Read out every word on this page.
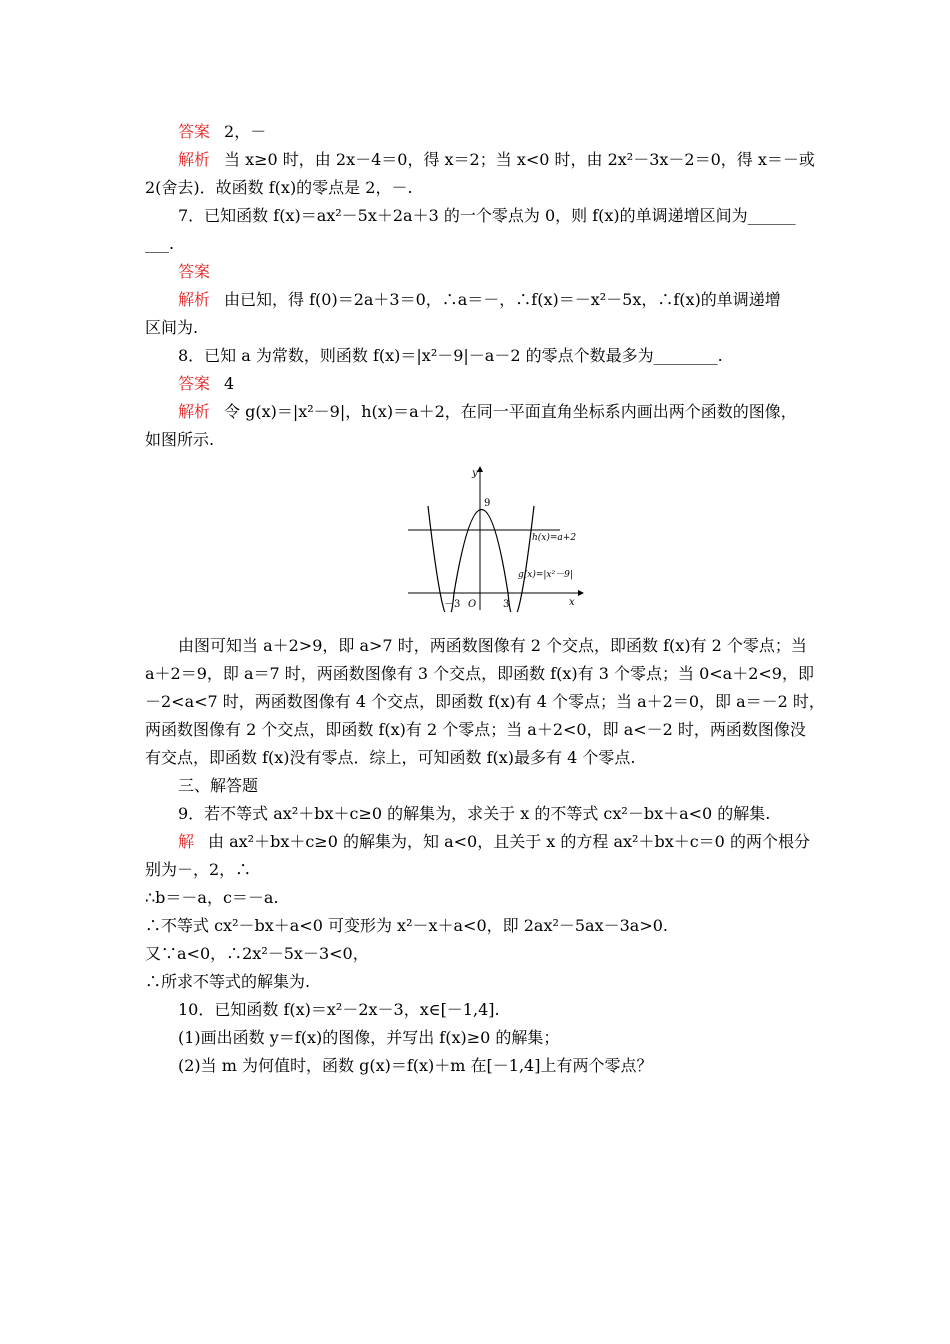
答案 2，－
解析 当 x≥0 时，由 2x－4＝0，得 x＝2；当 x<0 时，由 2x²－3x－2＝0，得 x＝－或
2(舍去)．故函数 f(x)的零点是 2，－.
7．已知函数 f(x)＝ax²－5x＋2a＋3 的一个零点为 0，则 f(x)的单调递增区间为______
___.
答案
解析 由已知，得 f(0)＝2a＋3＝0，∴a＝－，∴f(x)＝－x²－5x，∴f(x)的单调递增
区间为.
8．已知 a 为常数，则函数 f(x)＝|x²－9|－a－2 的零点个数最多为________.
答案 4
解析 令 g(x)＝|x²－9|，h(x)＝a＋2，在同一平面直角坐标系内画出两个函数的图像，
如图所示.
y
x
O
9
－3	3
h(x)=a+2
g(x)=|x²－9|
由图可知当 a＋2>9，即 a>7 时，两函数图像有 2 个交点，即函数 f(x)有 2 个零点；当
a＋2＝9，即 a＝7 时，两函数图像有 3 个交点，即函数 f(x)有 3 个零点；当 0<a＋2<9，即
－2<a<7 时，两函数图像有 4 个交点，即函数 f(x)有 4 个零点；当 a＋2＝0，即 a＝－2 时，
两函数图像有 2 个交点，即函数 f(x)有 2 个零点；当 a＋2<0，即 a<－2 时，两函数图像没
有交点，即函数 f(x)没有零点．综上，可知函数 f(x)最多有 4 个零点.
三、解答题
9．若不等式 ax²＋bx＋c≥0 的解集为，求关于 x 的不等式 cx²－bx＋a<0 的解集.
解 由 ax²＋bx＋c≥0 的解集为，知 a<0，且关于 x 的方程 ax²＋bx＋c＝0 的两个根分
别为－，2，∴
∴b＝－a，c＝－a.
∴不等式 cx²－bx＋a<0 可变形为 x²－x＋a<0，即 2ax²－5ax－3a>0.
又∵a<0，∴2x²－5x－3<0，
∴所求不等式的解集为.
10．已知函数 f(x)＝x²－2x－3，x∈[－1,4].
(1)画出函数 y＝f(x)的图像，并写出 f(x)≥0 的解集；
(2)当 m 为何值时，函数 g(x)＝f(x)＋m 在[－1,4]上有两个零点？
